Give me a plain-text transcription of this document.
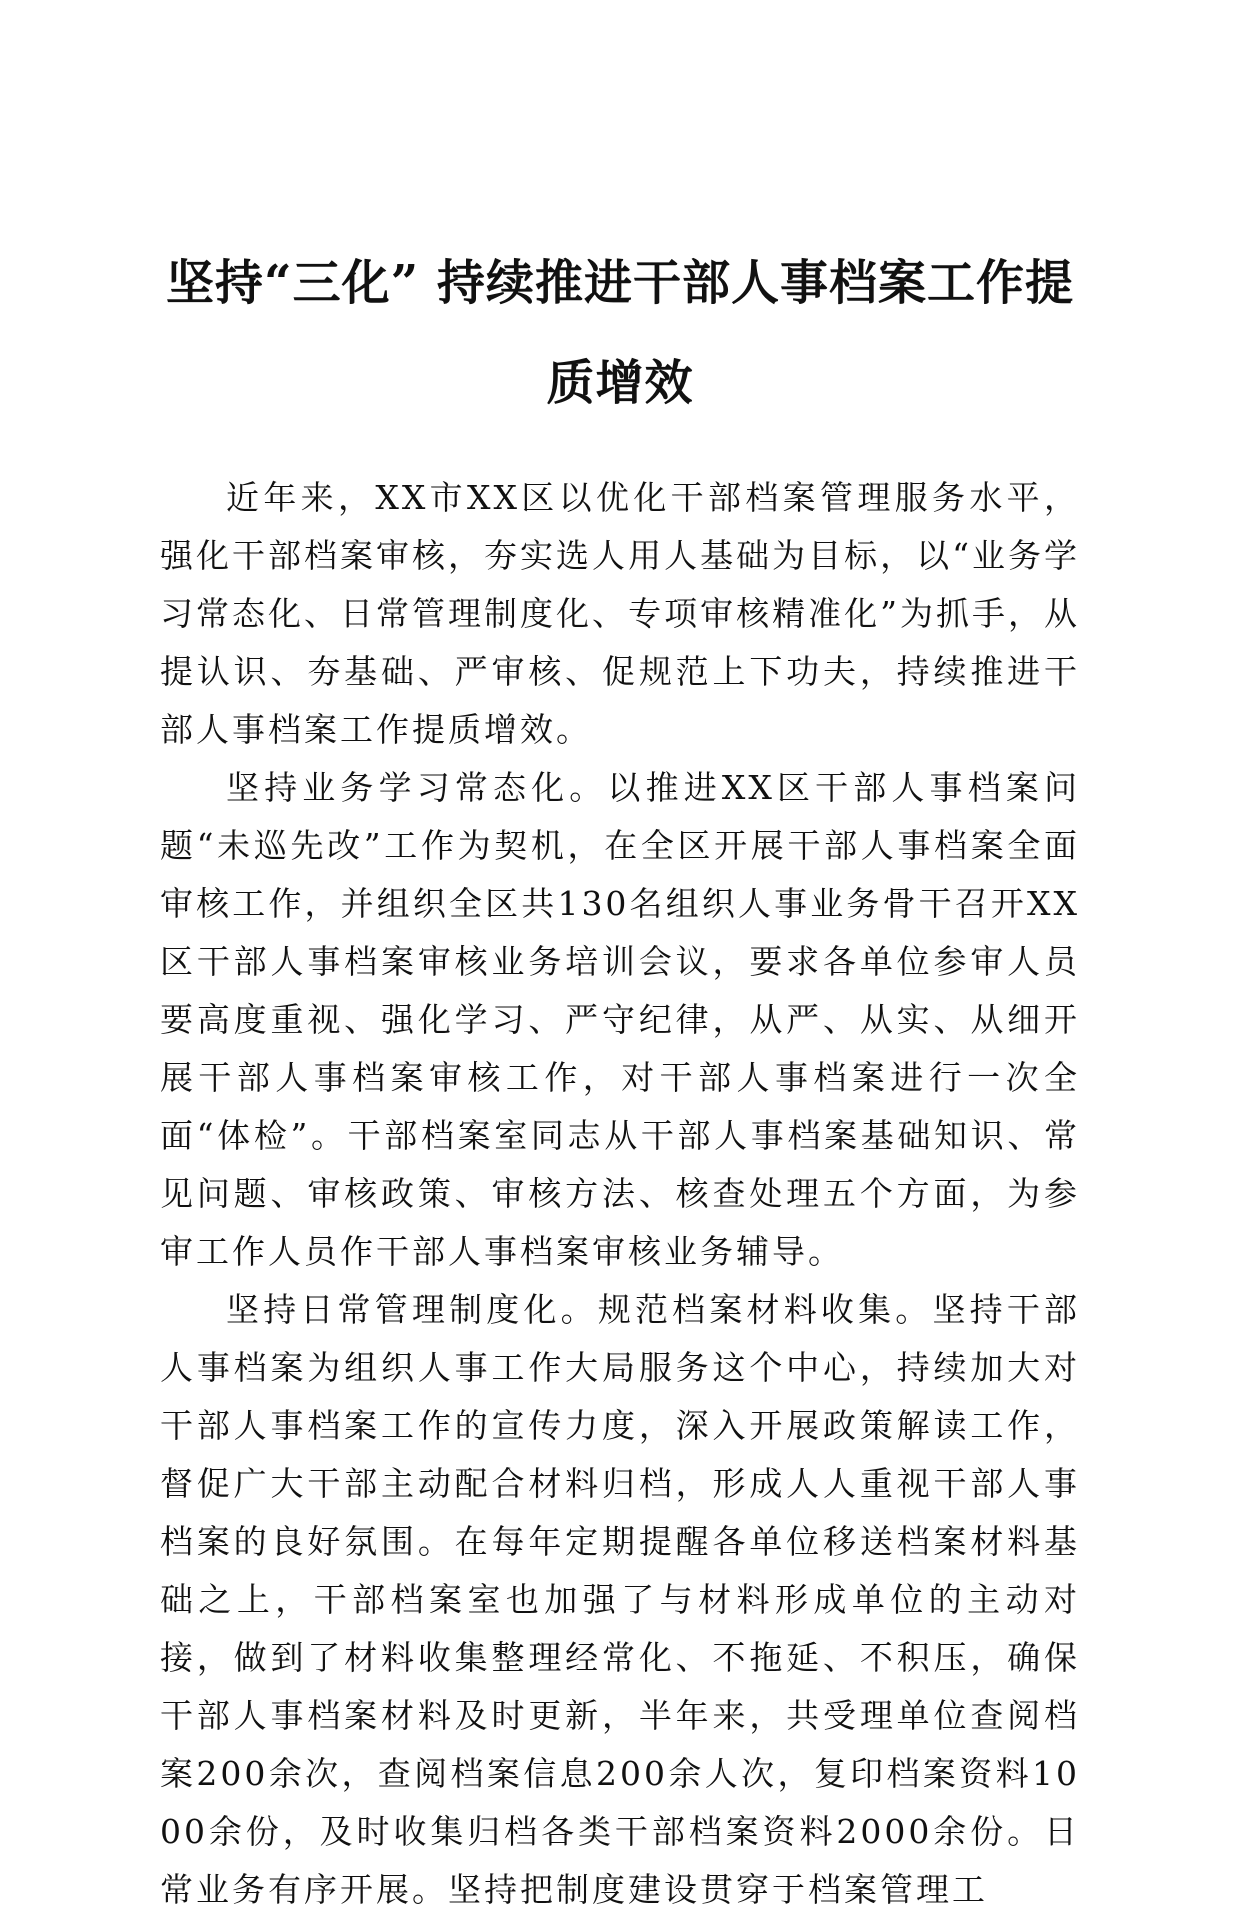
坚持“三化” 持续推进干部人事档案工作提
质增效

近年来，XX市XX区以优化干部档案管理服务水平，强化干部档案审核，夯实选人用人基础为目标，以“业务学习常态化、日常管理制度化、专项审核精准化”为抓手，从提认识、夯基础、严审核、促规范上下功夫，持续推进干部人事档案工作提质增效。

坚持业务学习常态化。以推进XX区干部人事档案问题“未巡先改”工作为契机，在全区开展干部人事档案全面审核工作，并组织全区共130名组织人事业务骨干召开XX区干部人事档案审核业务培训会议，要求各单位参审人员要高度重视、强化学习、严守纪律，从严、从实、从细开展干部人事档案审核工作，对干部人事档案进行一次全面“体检”。干部档案室同志从干部人事档案基础知识、常见问题、审核政策、审核方法、核查处理五个方面，为参审工作人员作干部人事档案审核业务辅导。

坚持日常管理制度化。规范档案材料收集。坚持干部人事档案为组织人事工作大局服务这个中心，持续加大对干部人事档案工作的宣传力度，深入开展政策解读工作，督促广大干部主动配合材料归档，形成人人重视干部人事档案的良好氛围。在每年定期提醒各单位移送档案材料基础之上，干部档案室也加强了与材料形成单位的主动对接，做到了材料收集整理经常化、不拖延、不积压，确保干部人事档案材料及时更新，半年来，共受理单位查阅档案200余次，查阅档案信息200余人次，复印档案资料1000余份，及时收集归档各类干部档案资料2000余份。日常业务有序开展。坚持把制度建设贯穿于档案管理工
